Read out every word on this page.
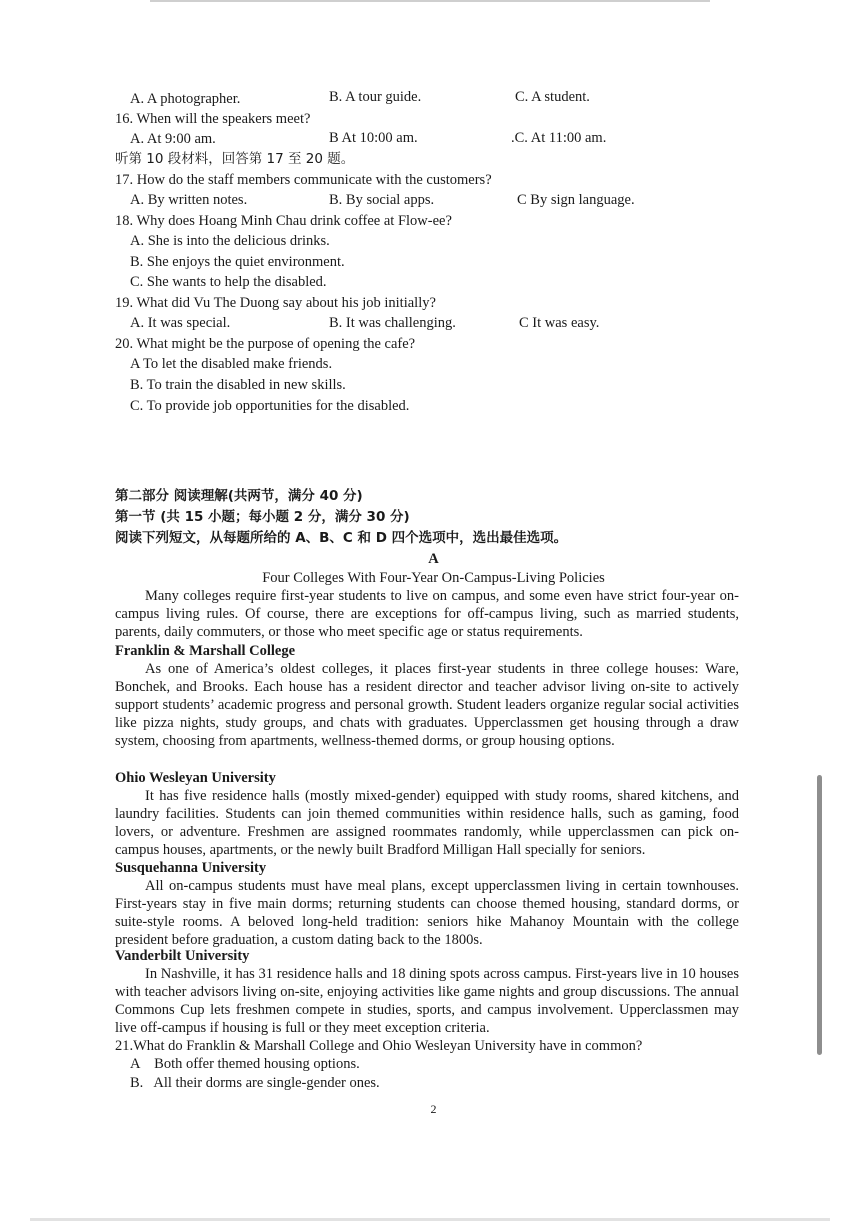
A. A photographer.	B. A tour guide.	C. A student.
16. When will the speakers meet?
A. At 9:00 am.	B At 10:00 am.	.C. At 11:00 am.
听第 10 段材料，回答第 17 至 20 题。
17. How do the staff members communicate with the customers?
A. By written notes.	B. By social apps.	C By sign language.
18. Why does Hoang Minh Chau drink coffee at Flow-ee?
A. She is into the delicious drinks.
B. She enjoys the quiet environment.
C. She wants to help the disabled.
19. What did Vu The Duong say about his job initially?
A. It was special.	B. It was challenging.	C It was easy.
20. What might be the purpose of opening the cafe?
A To let the disabled make friends.
B. To train the disabled in new skills.
C. To provide job opportunities for the disabled.
第二部分 阅读理解(共两节，满分 40 分)
第一节 (共 15 小题；每小题 2 分，满分 30 分)
阅读下列短文，从每题所给的 A、B、C 和 D 四个选项中，选出最佳选项。
A
Four Colleges With Four-Year On-Campus-Living Policies
Many colleges require first-year students to live on campus, and some even have strict four-year on-campus living rules. Of course, there are exceptions for off-campus living, such as married students, parents, daily commuters, or those who meet specific age or status requirements.
Franklin & Marshall College
As one of America’s oldest colleges, it places first-year students in three college houses: Ware, Bonchek, and Brooks. Each house has a resident director and teacher advisor living on-site to actively support students’ academic progress and personal growth. Student leaders organize regular social activities like pizza nights, study groups, and chats with graduates. Upperclassmen get housing through a draw system, choosing from apartments, wellness-themed dorms, or group housing options.
Ohio Wesleyan University
It has five residence halls (mostly mixed-gender) equipped with study rooms, shared kitchens, and laundry facilities. Students can join themed communities within residence halls, such as gaming, food lovers, or adventure. Freshmen are assigned roommates randomly, while upperclassmen can pick on-campus houses, apartments, or the newly built Bradford Milligan Hall specially for seniors.
Susquehanna University
All on-campus students must have meal plans, except upperclassmen living in certain townhouses. First-years stay in five main dorms; returning students can choose themed housing, standard dorms, or suite-style rooms. A beloved long-held tradition: seniors hike Mahanoy Mountain with the college president before graduation, a custom dating back to the 1800s.
Vanderbilt University
In Nashville, it has 31 residence halls and 18 dining spots across campus. First-years live in 10 houses with teacher advisors living on-site, enjoying activities like game nights and group discussions. The annual Commons Cup lets freshmen compete in studies, sports, and campus involvement. Upperclassmen may live off-campus if housing is full or they meet exception criteria.
21.What do Franklin & Marshall College and Ohio Wesleyan University have in common?
A    Both offer themed housing options.
B.   All their dorms are single-gender ones.
2
